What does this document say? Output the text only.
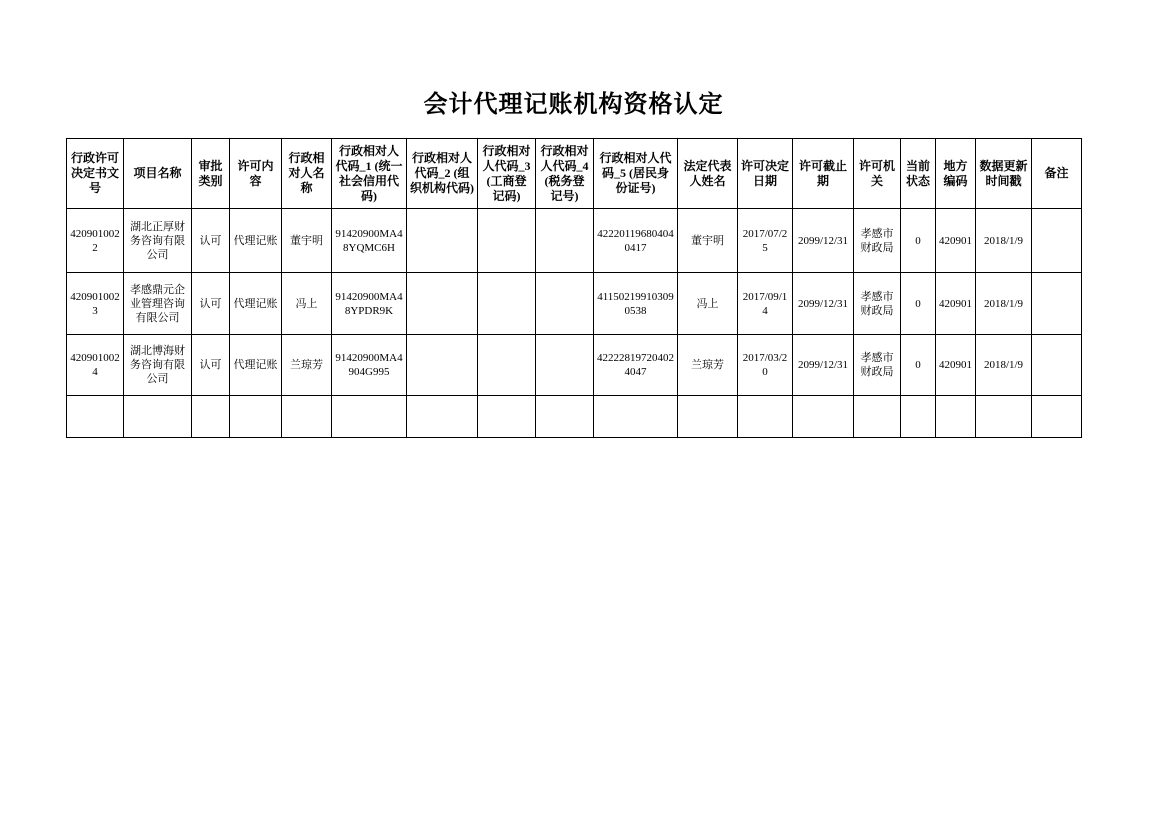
会计代理记账机构资格认定
行政许可决定书文号	项目名称	审批类别	许可内容	行政相对人名称	行政相对人代码_1 (统一社会信用代码)	行政相对人代码_2 (组织机构代码)	行政相对人代码_3 (工商登记码)	行政相对人代码_4 (税务登记号)	行政相对人代码_5 (居民身份证号)	法定代表人姓名	许可决定日期	许可截止期	许可机关	当前状态	地方编码	数据更新时间戳	备注
4209010022	湖北正厚财务咨询有限公司	认可	代理记账	董宇明	91420900MA48YQMC6H				422201196804040417	董宇明	2017/07/25	2099/12/31	孝感市财政局	0	420901	2018/1/9	
4209010023	孝感鼎元企业管理咨询有限公司	认可	代理记账	冯上	91420900MA48YPDR9K				411502199103090538	冯上	2017/09/14	2099/12/31	孝感市财政局	0	420901	2018/1/9	
4209010024	湖北博海财务咨询有限公司	认可	代理记账	兰琼芳	91420900MA4904G995				422228197204024047	兰琼芳	2017/03/20	2099/12/31	孝感市财政局	0	420901	2018/1/9	
